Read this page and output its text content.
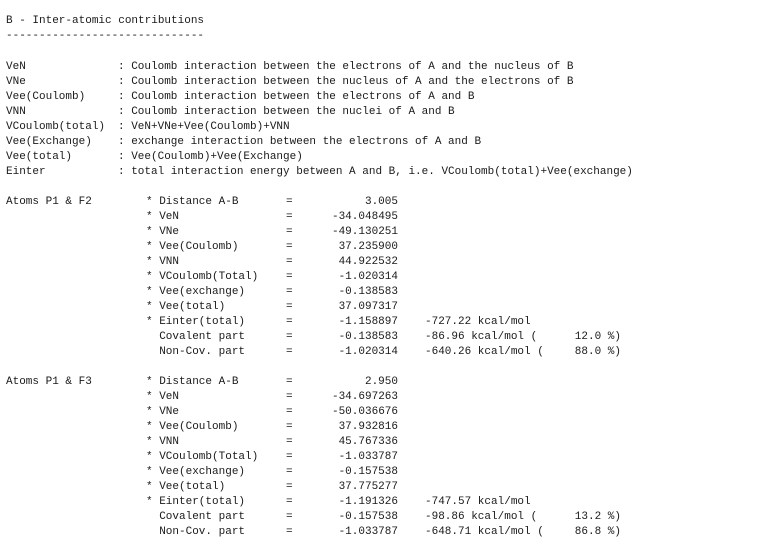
B - Inter-atomic contributions
------------------------------
VeN	: Coulomb interaction between the electrons of A and the nucleus of B
VNe	: Coulomb interaction between the nucleus of A and the electrons of B
Vee(Coulomb)	: Coulomb interaction between the electrons of A and B
VNN	: Coulomb interaction between the nuclei of A and B
VCoulomb(total) : VeN+VNe+Vee(Coulomb)+VNN
Vee(Exchange) : exchange interaction between the electrons of A and B
Vee(total)	: Vee(Coulomb)+Vee(Exchange)
Einter	: total interaction energy between A and B, i.e. VCoulomb(total)+Vee(exchange)
Atoms P1 & F2	* Distance A-B	=	3.005
* VeN	=	-34.048495
* VNe	=	-49.130251
* Vee(Coulomb)	=	37.235900
* VNN	=	44.922532
* VCoulomb(Total)	=	-1.020314
* Vee(exchange)	=	-0.138583
* Vee(total)	=	37.097317
* Einter(total)	=	-1.158897 -727.22 kcal/mol
Covalent part	=	-0.138583 -86.96 kcal/mol (	12.0 %)
Non-Cov. part	=	-1.020314 -640.26 kcal/mol (	88.0 %)
Atoms P1 & F3	* Distance A-B	=	2.950
* VeN	=	-34.697263
* VNe	=	-50.036676
* Vee(Coulomb)	=	37.932816
* VNN	=	45.767336
* VCoulomb(Total)	=	-1.033787
* Vee(exchange)	=	-0.157538
* Vee(total)	=	37.775277
* Einter(total)	=	-1.191326 -747.57 kcal/mol
Covalent part	=	-0.157538 -98.86 kcal/mol (	13.2 %)
Non-Cov. part	=	-1.033787 -648.71 kcal/mol (	86.8 %)
